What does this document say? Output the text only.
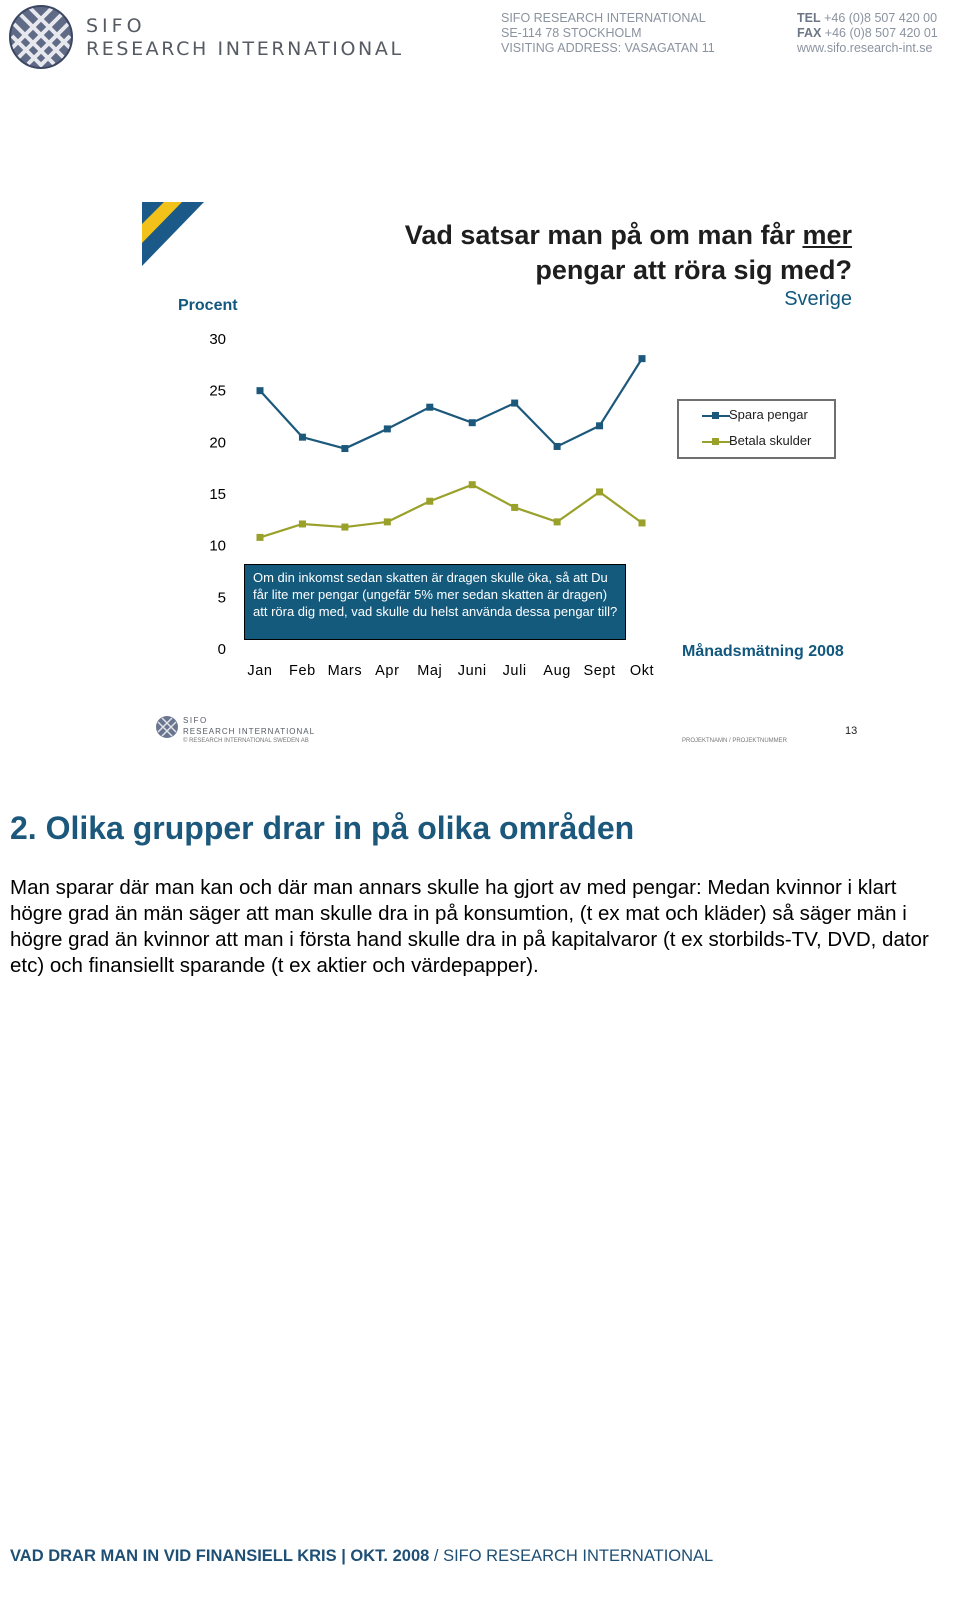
SIFO
RESEARCH INTERNATIONAL
SIFO RESEARCH INTERNATIONAL
SE-114 78 STOCKHOLM
VISITING ADDRESS: VASAGATAN 11
TEL +46 (0)8 507 420 00
FAX +46 (0)8 507 420 01
www.sifo.research-int.se
Vad satsar man på om man får mer
pengar att röra sig med?
Sverige
Procent
0
5
10
15
20
25
30
Jan Feb Mars Apr Maj Juni Juli Aug Sept Okt
Om din inkomst sedan skatten är dragen skulle öka, så att Du får lite mer pengar (ungefär 5% mer sedan skatten är dragen) att röra dig med, vad skulle du helst använda dessa pengar till?
Spara pengar
Betala skulder
Månadsmätning 2008
SIFO
RESEARCH INTERNATIONAL
© RESEARCH INTERNATIONAL SWEDEN AB	PROJEKTNAMN / PROJEKTNUMMER
13
2. Olika grupper drar in på olika områden
Man sparar där man kan och där man annars skulle ha gjort av med pengar: Medan kvinnor i klart högre grad än män säger att man skulle dra in på konsumtion, (t ex mat och kläder) så säger män i högre grad än kvinnor att man i första hand skulle dra in på kapitalvaror (t ex storbilds-TV, DVD, dator etc) och finansiellt sparande (t ex aktier och värdepapper).
VAD DRAR MAN IN VID FINANSIELL KRIS | OKT. 2008 / SIFO RESEARCH INTERNATIONAL
